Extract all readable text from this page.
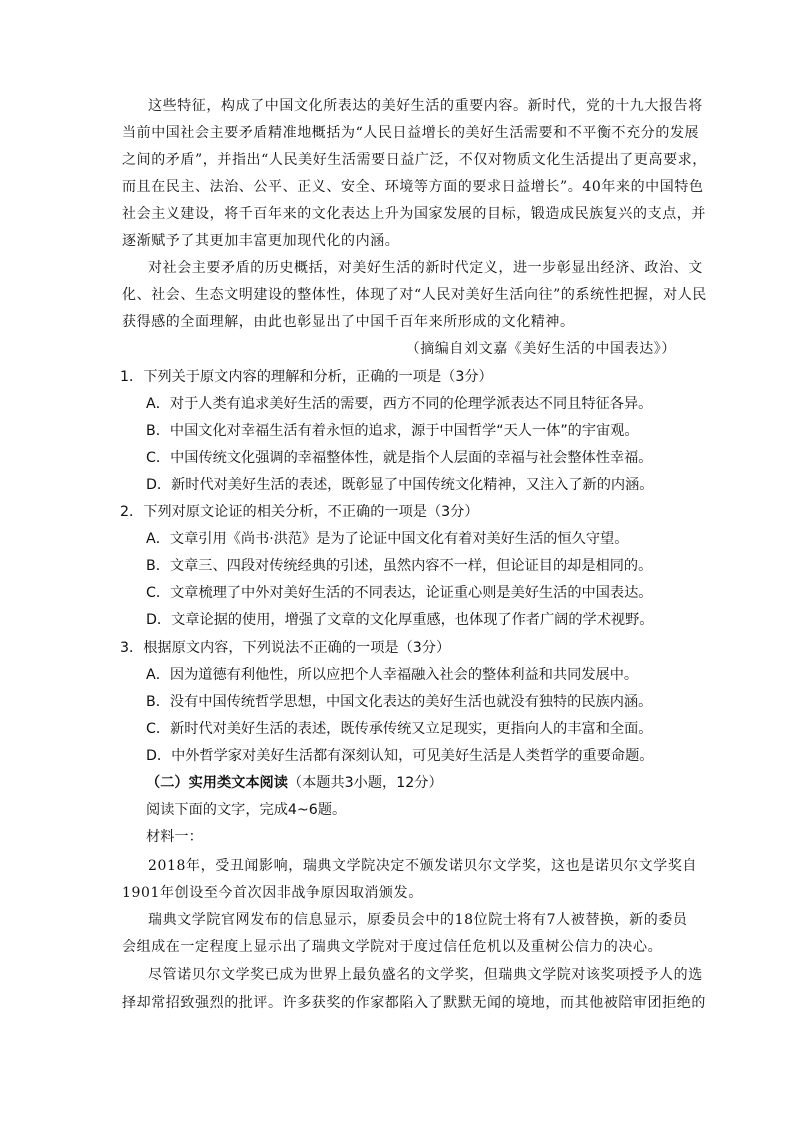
这些特征，构成了中国文化所表达的美好生活的重要内容。新时代，党的十九大报告将
当前中国社会主要矛盾精准地概括为“人民日益增长的美好生活需要和不平衡不充分的发展
之间的矛盾”，并指出“人民美好生活需要日益广泛，不仅对物质文化生活提出了更高要求，
而且在民主、法治、公平、正义、安全、环境等方面的要求日益增长”。40年来的中国特色
社会主义建设，将千百年来的文化表达上升为国家发展的目标，锻造成民族复兴的支点，并
逐渐赋予了其更加丰富更加现代化的内涵。
对社会主要矛盾的历史概括，对美好生活的新时代定义，进一步彰显出经济、政治、文
化、社会、生态文明建设的整体性，体现了对“人民对美好生活向往”的系统性把握，对人民
获得感的全面理解，由此也彰显出了中国千百年来所形成的文化精神。
（摘编自刘文嘉《美好生活的中国表达》）
1．下列关于原文内容的理解和分析，正确的一项是（3分）
A．对于人类有追求美好生活的需要，西方不同的伦理学派表达不同且特征各异。
B．中国文化对幸福生活有着永恒的追求，源于中国哲学“天人一体”的宇宙观。
C．中国传统文化强调的幸福整体性，就是指个人层面的幸福与社会整体性幸福。
D．新时代对美好生活的表述，既彰显了中国传统文化精神，又注入了新的内涵。
2．下列对原文论证的相关分析，不正确的一项是（3分）
A．文章引用《尚书·洪范》是为了论证中国文化有着对美好生活的恒久守望。
B．文章三、四段对传统经典的引述，虽然内容不一样，但论证目的却是相同的。
C．文章梳理了中外对美好生活的不同表达，论证重心则是美好生活的中国表达。
D．文章论据的使用，增强了文章的文化厚重感，也体现了作者广阔的学术视野。
3．根据原文内容，下列说法不正确的一项是（3分）
A．因为道德有利他性，所以应把个人幸福融入社会的整体利益和共同发展中。
B．没有中国传统哲学思想，中国文化表达的美好生活也就没有独特的民族内涵。
C．新时代对美好生活的表述，既传承传统又立足现实，更指向人的丰富和全面。
D．中外哲学家对美好生活都有深刻认知，可见美好生活是人类哲学的重要命题。
（二）实用类文本阅读（本题共3小题，12分）
阅读下面的文字，完成4~6题。
材料一：
2018年，受丑闻影响，瑞典文学院决定不颁发诺贝尔文学奖，这也是诺贝尔文学奖自
1901年创设至今首次因非战争原因取消颁发。
瑞典文学院官网发布的信息显示，原委员会中的18位院士将有7人被替换，新的委员
会组成在一定程度上显示出了瑞典文学院对于度过信任危机以及重树公信力的决心。
尽管诺贝尔文学奖已成为世界上最负盛名的文学奖，但瑞典文学院对该奖项授予人的选
择却常招致强烈的批评。许多获奖的作家都陷入了默默无闻的境地，而其他被陪审团拒绝的
